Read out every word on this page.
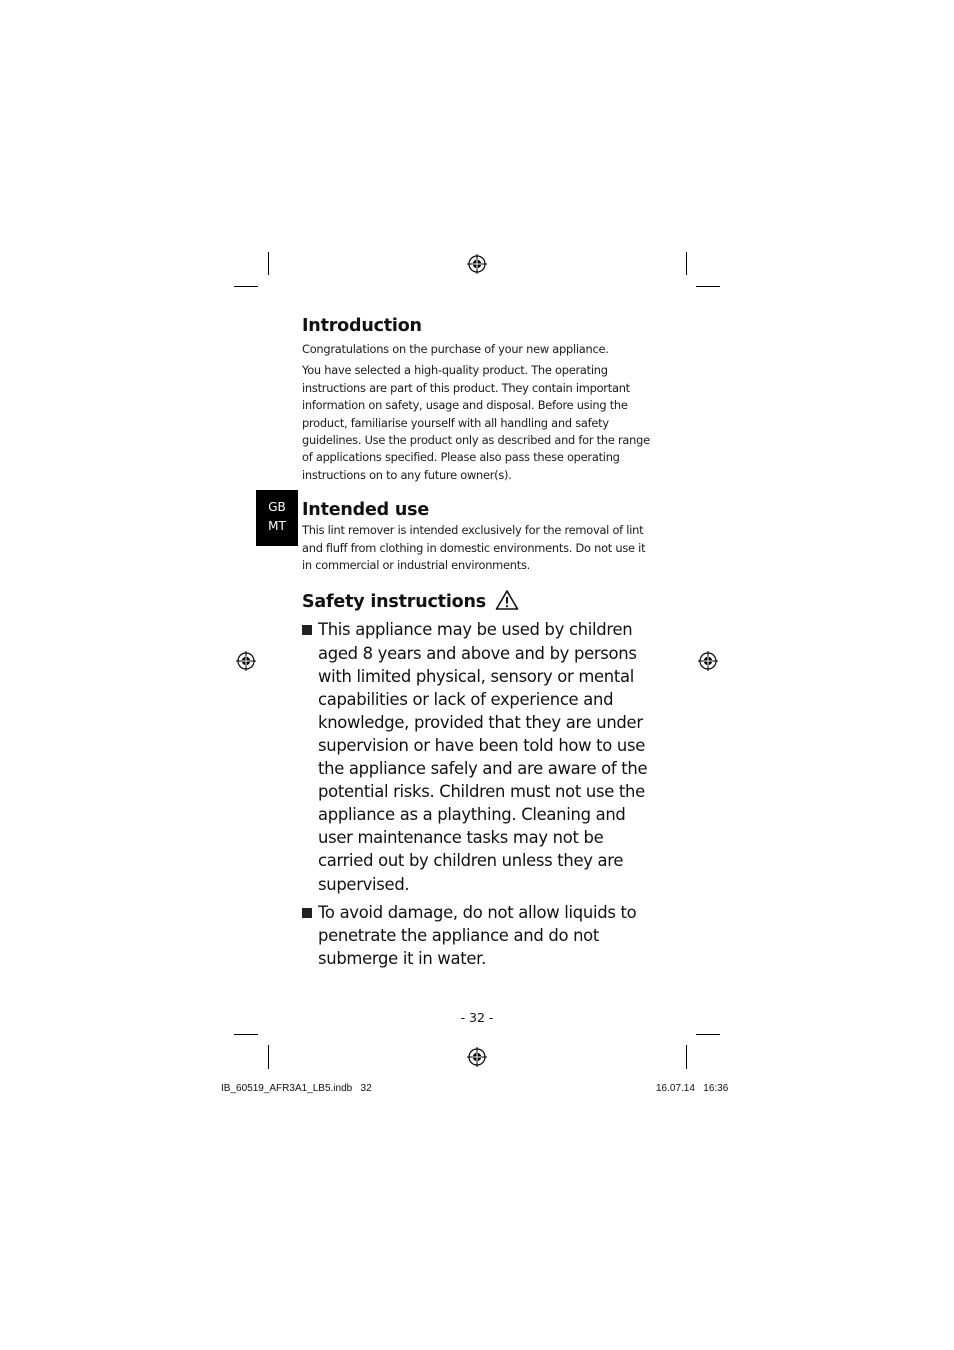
GB
MT
Introduction

Congratulations on the purchase of your new appliance.

You have selected a high-quality product. The operating instructions are part of this product. They contain important information on safety, usage and disposal. Before using the product, familiarise yourself with all handling and safety guidelines. Use the product only as described and for the range of applications specified. Please also pass these operating instructions on to any future owner(s).

Intended use

This lint remover is intended exclusively for the removal of lint and fluff from clothing in domestic environments. Do not use it in commercial or industrial environments.

Safety instructions
This appliance may be used by children aged 8 years and above and by persons with limited physical, sensory or mental capabilities or lack of experience and knowledge, provided that they are under supervision or have been told how to use the appliance safely and are aware of the potential risks. Children must not use the appliance as a plaything. Cleaning and user maintenance tasks may not be carried out by children unless they are supervised.
To avoid damage, do not allow liquids to penetrate the appliance and do not submerge it in water.
- 32 -
IB_60519_AFR3A1_LB5.indb   32	16.07.14   16:36
